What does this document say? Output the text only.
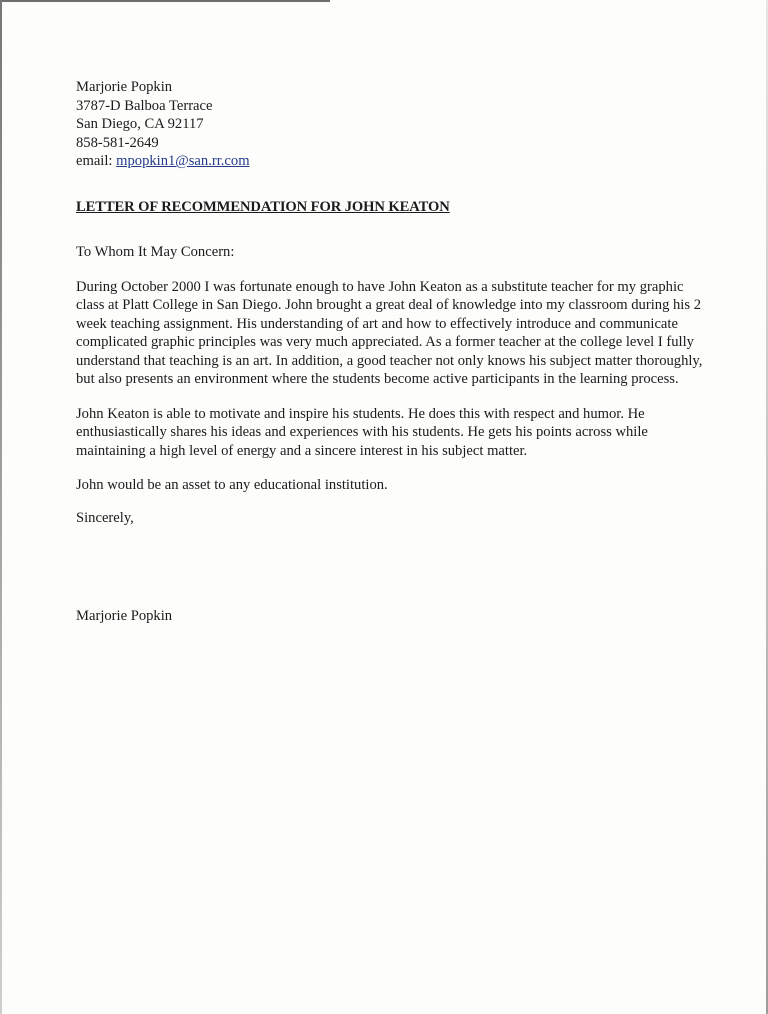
Marjorie Popkin
3787-D Balboa Terrace
San Diego, CA 92117
858-581-2649
email: mpopkin1@san.rr.com
LETTER OF RECOMMENDATION FOR JOHN KEATON

To Whom It May Concern:

During October 2000 I was fortunate enough to have John Keaton as a substitute teacher for my graphic class at Platt College in San Diego. John brought a great deal of knowledge into my classroom during his 2 week teaching assignment. His understanding of art and how to effectively introduce and communicate complicated graphic principles was very much appreciated. As a former teacher at the college level I fully understand that teaching is an art. In addition, a good teacher not only knows his subject matter thoroughly, but also presents an environment where the students become active participants in the learning process.

John Keaton is able to motivate and inspire his students. He does this with respect and humor. He enthusiastically shares his ideas and experiences with his students. He gets his points across while maintaining a high level of energy and a sincere interest in his subject matter.

John would be an asset to any educational institution.

Sincerely,

Marjorie Popkin
